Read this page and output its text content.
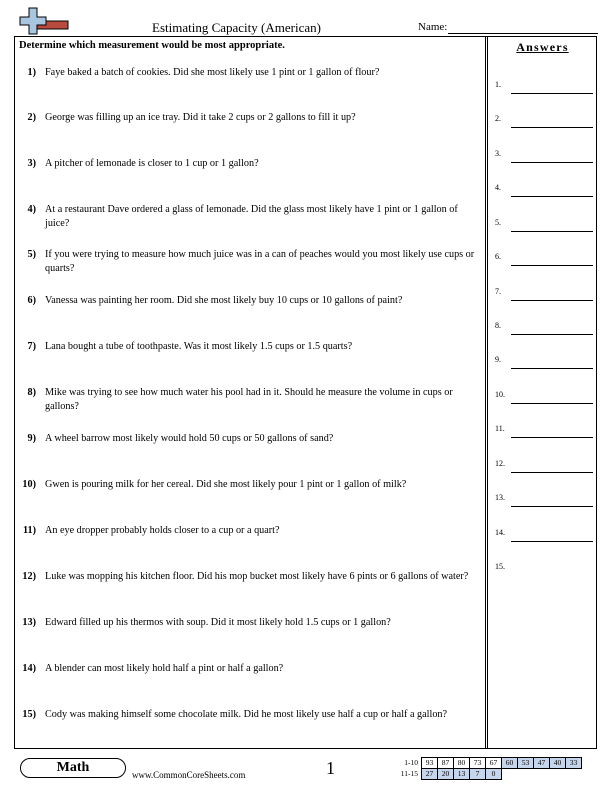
Estimating Capacity (American)	Name:
Determine which measurement would be most appropriate.
1) Faye baked a batch of cookies. Did she most likely use 1 pint or 1 gallon of flour?
2) George was filling up an ice tray. Did it take 2 cups or 2 gallons to fill it up?
3) A pitcher of lemonade is closer to 1 cup or 1 gallon?
4) At a restaurant Dave ordered a glass of lemonade. Did the glass most likely have 1 pint or 1 gallon of juice?
5) If you were trying to measure how much juice was in a can of peaches would you most likely use cups or quarts?
6) Vanessa was painting her room. Did she most likely buy 10 cups or 10 gallons of paint?
7) Lana bought a tube of toothpaste. Was it most likely 1.5 cups or 1.5 quarts?
8) Mike was trying to see how much water his pool had in it. Should he measure the volume in cups or gallons?
9) A wheel barrow most likely would hold 50 cups or 50 gallons of sand?
10) Gwen is pouring milk for her cereal. Did she most likely pour 1 pint or 1 gallon of milk?
11) An eye dropper probably holds closer to a cup or a quart?
12) Luke was mopping his kitchen floor. Did his mop bucket most likely have 6 pints or 6 gallons of water?
13) Edward filled up his thermos with soup. Did it most likely hold 1.5 cups or 1 gallon?
14) A blender can most likely hold half a pint or half a gallon?
15) Cody was making himself some chocolate milk. Did he most likely use half a cup or half a gallon?
Answers
1.
2.
3.
4.
5.
6.
7.
8.
9.
10.
11.
12.
13.
14.
15.
Math	www.CommonCoreSheets.com	1	1-10	93	87	80	73	67	60	53	47	40	33
11-15	27	20	13	7	0					
